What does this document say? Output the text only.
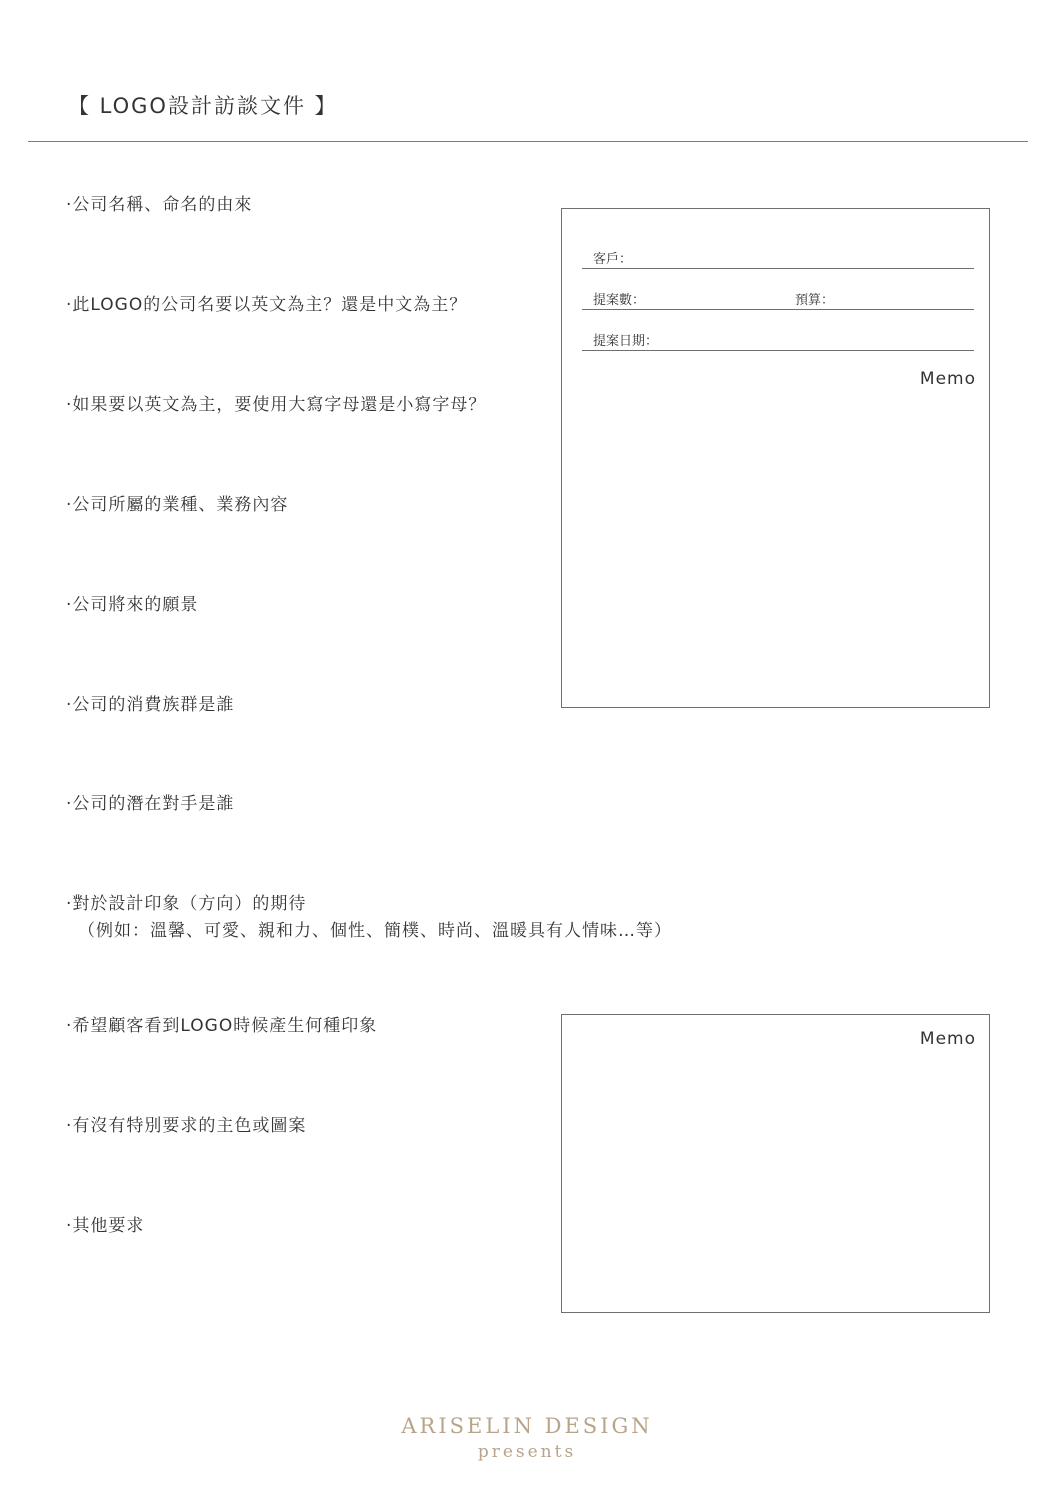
【 LOGO設計訪談文件 】
‧公司名稱、命名的由來
‧此LOGO的公司名要以英文為主？還是中文為主？
‧如果要以英文為主，要使用大寫字母還是小寫字母？
‧公司所屬的業種、業務內容
‧公司將來的願景
‧公司的消費族群是誰
‧公司的潛在對手是誰
‧對於設計印象（方向）的期待
（例如：溫馨、可愛、親和力、個性、簡樸、時尚、溫暖具有人情味…等）
‧希望顧客看到LOGO時候產生何種印象
‧有沒有特別要求的主色或圖案
‧其他要求
客戶：
提案數：	預算：
提案日期：
Memo
Memo
ARISELIN DESIGN
presents
